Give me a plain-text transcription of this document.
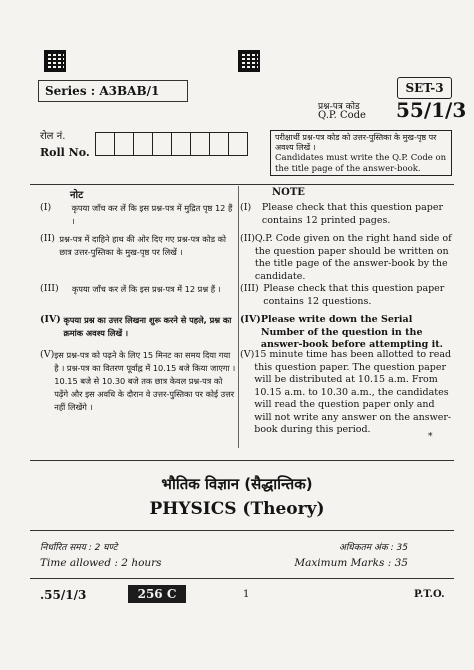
Series : A3BAB/1	SET-3
प्रश्न-पत्र कोड
Q.P. Code 55/1/3
रोल नं.
Roll No.
परीक्षार्थी प्रश्न-पत्र कोड को उत्तर-पुस्तिका के मुख-पृष्ठ पर अवश्य लिखें ।
Candidates must write the Q.P. Code on the title page of the answer-book.
नोट	NOTE
(I)	कृपया जाँच कर लें कि इस प्रश्न-पत्र में मुद्रित पृष्ठ 12 हैं ।
(II) प्रश्न-पत्र में दाहिने हाथ की ओर दिए गए प्रश्न-पत्र कोड को छात्र उत्तर-पुस्तिका के मुख-पृष्ठ पर लिखें ।
(III)	कृपया जाँच कर लें कि इस प्रश्न-पत्र में 12 प्रश्न हैं ।
(IV) कृपया प्रश्न का उत्तर लिखना शुरू करने से पहले, प्रश्न का क्रमांक अवश्य लिखें ।
(V) इस प्रश्न-पत्र को पढ़ने के लिए 15 मिनट का समय दिया गया है । प्रश्न-पत्र का वितरण पूर्वाह्न में 10.15 बजे किया जाएगा । 10.15 बजे से 10.30 बजे तक छात्र केवल प्रश्न-पत्र को पढ़ेंगे और इस अवधि के दौरान वे उत्तर-पुस्तिका पर कोई उत्तर नहीं लिखेंगे ।
(I)	Please check that this question paper contains 12 printed pages.
(II) Q.P. Code given on the right hand side of the question paper should be written on the title page of the answer-book by the candidate.
(III) Please check that this question paper contains 12 questions.
(IV) Please write down the Serial Number of the question in the answer-book before attempting it.
(V) 15 minute time has been allotted to read this question paper. The question paper will be distributed at 10.15 a.m. From 10.15 a.m. to 10.30 a.m., the candidates will read the question paper only and will not write any answer on the answer-book during this period.
*
भौतिक विज्ञान (सैद्धान्तिक)
PHYSICS (Theory)
निर्धारित समय : 2 घण्टे
Time allowed : 2 hours
अधिकतम अंक : 35
Maximum Marks : 35
.55/1/3	256 C	1	P.T.O.
